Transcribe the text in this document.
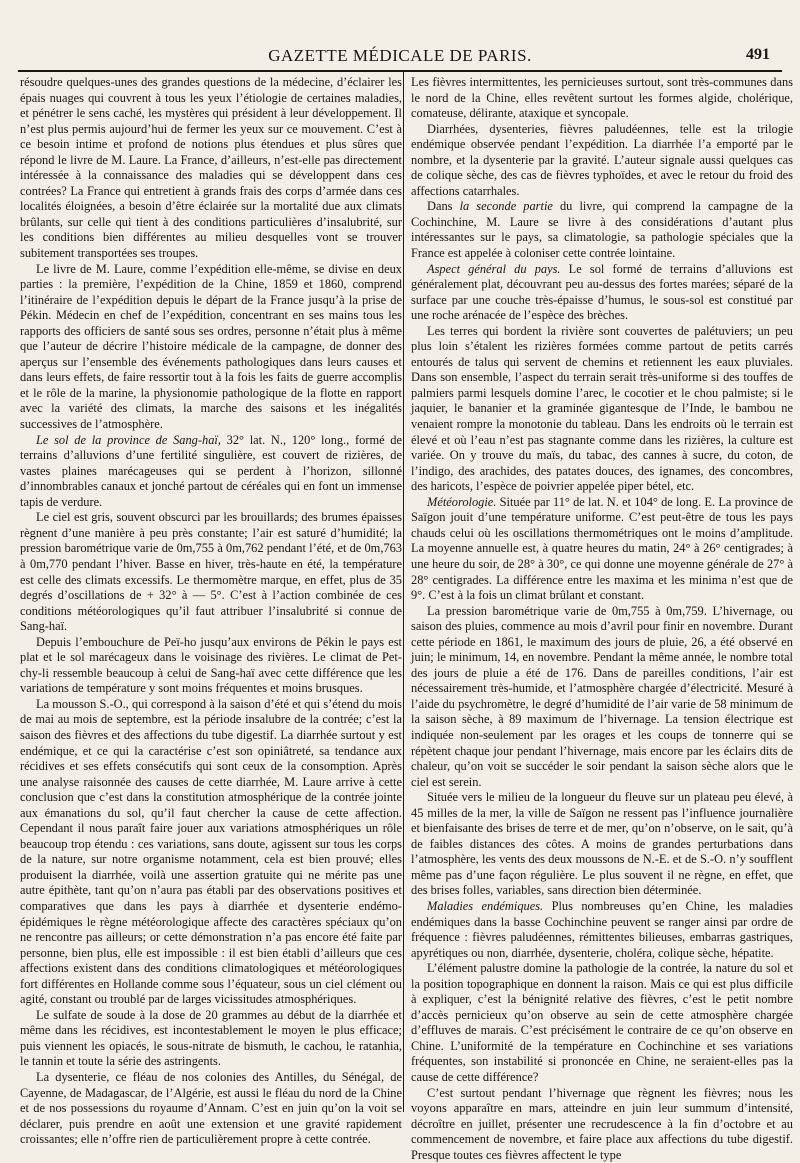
GAZETTE MÉDICALE DE PARIS.	491

résoudre quelques-unes des grandes questions de la médecine, d’éclairer les épais nuages qui couvrent à tous les yeux l’étiologie de certaines maladies, et pénétrer le sens caché, les mystères qui président à leur développement. Il n’est plus permis aujourd’hui de fermer les yeux sur ce mouvement. C’est à ce besoin intime et profond de notions plus étendues et plus sûres que répond le livre de M. Laure. La France, d’ailleurs, n’est-elle pas directement intéressée à la connaissance des maladies qui se développent dans ces contrées? La France qui entretient à grands frais des corps d’armée dans ces localités éloignées, a besoin d’être éclairée sur la mortalité due aux climats brûlants, sur celle qui tient à des conditions particulières d’insalubrité, sur les conditions bien différentes au milieu desquelles vont se trouver subitement transportées ses troupes.

Le livre de M. Laure, comme l’expédition elle-même, se divise en deux parties : la première, l’expédition de la Chine, 1859 et 1860, comprend l’itinéraire de l’expédition depuis le départ de la France jusqu’à la prise de Pékin. Médecin en chef de l’expédition, concentrant en ses mains tous les rapports des officiers de santé sous ses ordres, personne n’était plus à même que l’auteur de décrire l’histoire médicale de la campagne, de donner des aperçus sur l’ensemble des événements pathologiques dans leurs causes et dans leurs effets, de faire ressortir tout à la fois les faits de guerre accomplis et le rôle de la marine, la physionomie pathologique de la flotte en rapport avec la variété des climats, la marche des saisons et les inégalités successives de l’atmosphère.

Le sol de la province de Sang-haï, 32° lat. N., 120° long., formé de terrains d’alluvions d’une fertilité singulière, est couvert de rizières, de vastes plaines marécageuses qui se perdent à l’horizon, sillonné d’innombrables canaux et jonché partout de céréales qui en font un immense tapis de verdure.

Le ciel est gris, souvent obscurci par les brouillards; des brumes épaisses règnent d’une manière à peu près constante; l’air est saturé d’humidité; la pression barométrique varie de 0m,755 à 0m,762 pendant l’été, et de 0m,763 à 0m,770 pendant l’hiver. Basse en hiver, très-haute en été, la température est celle des climats excessifs. Le thermomètre marque, en effet, plus de 35 degrés d’oscillations de + 32° à — 5°. C’est à l’action combinée de ces conditions météorologiques qu’il faut attribuer l’insalubrité si connue de Sang-haï.

Depuis l’embouchure de Peï-ho jusqu’aux environs de Pékin le pays est plat et le sol marécageux dans le voisinage des rivières. Le climat de Pet-chy-li ressemble beaucoup à celui de Sang-haï avec cette différence que les variations de température y sont moins fréquentes et moins brusques.

La mousson S.-O., qui correspond à la saison d’été et qui s’étend du mois de mai au mois de septembre, est la période insalubre de la contrée; c’est la saison des fièvres et des affections du tube digestif. La diarrhée surtout y est endémique, et ce qui la caractérise c’est son opiniâtreté, sa tendance aux récidives et ses effets consécutifs qui sont ceux de la consomption. Après une analyse raisonnée des causes de cette diarrhée, M. Laure arrive à cette conclusion que c’est dans la constitution atmosphérique de la contrée jointe aux émanations du sol, qu’il faut chercher la cause de cette affection. Cependant il nous paraît faire jouer aux variations atmosphériques un rôle beaucoup trop étendu : ces variations, sans doute, agissent sur tous les corps de la nature, sur notre organisme notamment, cela est bien prouvé; elles produisent la diarrhée, voilà une assertion gratuite qui ne mérite pas une autre épithète, tant qu’on n’aura pas établi par des observations positives et comparatives que dans les pays à diarrhée et dysenterie endémo-épidémiques le règne météorologique affecte des caractères spéciaux qu’on ne rencontre pas ailleurs; or cette démonstration n’a pas encore été faite par personne, bien plus, elle est impossible : il est bien établi d’ailleurs que ces affections existent dans des conditions climatologiques et météorologiques fort différentes en Hollande comme sous l’équateur, sous un ciel clément ou agité, constant ou troublé par de larges vicissitudes atmosphériques.

Le sulfate de soude à la dose de 20 grammes au début de la diarrhée et même dans les récidives, est incontestablement le moyen le plus efficace; puis viennent les opiacés, le sous-nitrate de bismuth, le cachou, le ratanhia, le tannin et toute la série des astringents.

La dysenterie, ce fléau de nos colonies des Antilles, du Sénégal, de Cayenne, de Madagascar, de l’Algérie, est aussi le fléau du nord de la Chine et de nos possessions du royaume d’Annam. C’est en juin qu’on la voit se déclarer, puis prendre en août une extension et une gravité rapidement croissantes; elle n’offre rien de particulièrement propre à cette contrée.

Les fièvres intermittentes, les pernicieuses surtout, sont très-communes dans le nord de la Chine, elles revêtent surtout les formes algide, cholérique, comateuse, délirante, ataxique et syncopale.

Diarrhées, dysenteries, fièvres paludéennes, telle est la trilogie endémique observée pendant l’expédition. La diarrhée l’a emporté par le nombre, et la dysenterie par la gravité. L’auteur signale aussi quelques cas de colique sèche, des cas de fièvres typhoïdes, et avec le retour du froid des affections catarrhales.

Dans la seconde partie du livre, qui comprend la campagne de la Cochinchine, M. Laure se livre à des considérations d’autant plus intéressantes sur le pays, sa climatologie, sa pathologie spéciales que la France est appelée à coloniser cette contrée lointaine.

Aspect général du pays. Le sol formé de terrains d’alluvions est généralement plat, découvrant peu au-dessus des fortes marées; séparé de la surface par une couche très-épaisse d’humus, le sous-sol est constitué par une roche arénacée de l’espèce des brèches.

Les terres qui bordent la rivière sont couvertes de palétuviers; un peu plus loin s’étalent les rizières formées comme partout de petits carrés entourés de talus qui servent de chemins et retiennent les eaux pluviales. Dans son ensemble, l’aspect du terrain serait très-uniforme si des touffes de palmiers parmi lesquels domine l’arec, le cocotier et le chou palmiste; si le jaquier, le bananier et la graminée gigantesque de l’Inde, le bambou ne venaient rompre la monotonie du tableau. Dans les endroits où le terrain est élevé et où l’eau n’est pas stagnante comme dans les rizières, la culture est variée. On y trouve du maïs, du tabac, des cannes à sucre, du coton, de l’indigo, des arachides, des patates douces, des ignames, des concombres, des haricots, l’espèce de poivrier appelée piper bétel, etc.

Météorologie. Située par 11° de lat. N. et 104° de long. E. La province de Saïgon jouit d’une température uniforme. C’est peut-être de tous les pays chauds celui où les oscillations thermométriques ont le moins d’amplitude. La moyenne annuelle est, à quatre heures du matin, 24° à 26° centigrades; à une heure du soir, de 28° à 30°, ce qui donne une moyenne générale de 27° à 28° centigrades. La différence entre les maxima et les minima n’est que de 9°. C’est à la fois un climat brûlant et constant.

La pression barométrique varie de 0m,755 à 0m,759. L’hivernage, ou saison des pluies, commence au mois d’avril pour finir en novembre. Durant cette période en 1861, le maximum des jours de pluie, 26, a été observé en juin; le minimum, 14, en novembre. Pendant la même année, le nombre total des jours de pluie a été de 176. Dans de pareilles conditions, l’air est nécessairement très-humide, et l’atmosphère chargée d’électricité. Mesuré à l’aide du psychromètre, le degré d’humidité de l’air varie de 58 minimum de la saison sèche, à 89 maximum de l’hivernage. La tension électrique est indiquée non-seulement par les orages et les coups de tonnerre qui se répètent chaque jour pendant l’hivernage, mais encore par les éclairs dits de chaleur, qu’on voit se succéder le soir pendant la saison sèche alors que le ciel est serein.

Située vers le milieu de la longueur du fleuve sur un plateau peu élevé, à 45 milles de la mer, la ville de Saïgon ne ressent pas l’influence journalière et bienfaisante des brises de terre et de mer, qu’on n’observe, on le sait, qu’à de faibles distances des côtes. A moins de grandes perturbations dans l’atmosphère, les vents des deux moussons de N.-E. et de S.-O. n’y soufflent même pas d’une façon régulière. Le plus souvent il ne règne, en effet, que des brises folles, variables, sans direction bien déterminée.

Maladies endémiques. Plus nombreuses qu’en Chine, les maladies endémiques dans la basse Cochinchine peuvent se ranger ainsi par ordre de fréquence : fièvres paludéennes, rémittentes bilieuses, embarras gastriques, apyrétiques ou non, diarrhée, dysenterie, choléra, colique sèche, hépatite.

L’élément palustre domine la pathologie de la contrée, la nature du sol et la position topographique en donnent la raison. Mais ce qui est plus difficile à expliquer, c’est la bénignité relative des fièvres, c’est le petit nombre d’accès pernicieux qu’on observe au sein de cette atmosphère chargée d’effluves de marais. C’est précisément le contraire de ce qu’on observe en Chine. L’uniformité de la température en Cochinchine et ses variations fréquentes, son instabilité si prononcée en Chine, ne seraient-elles pas la cause de cette différence?

C’est surtout pendant l’hivernage que règnent les fièvres; nous les voyons apparaître en mars, atteindre en juin leur summum d’intensité, décroître en juillet, présenter une recrudescence à la fin d’octobre et au commencement de novembre, et faire place aux affections du tube digestif. Presque toutes ces fièvres affectent le type
